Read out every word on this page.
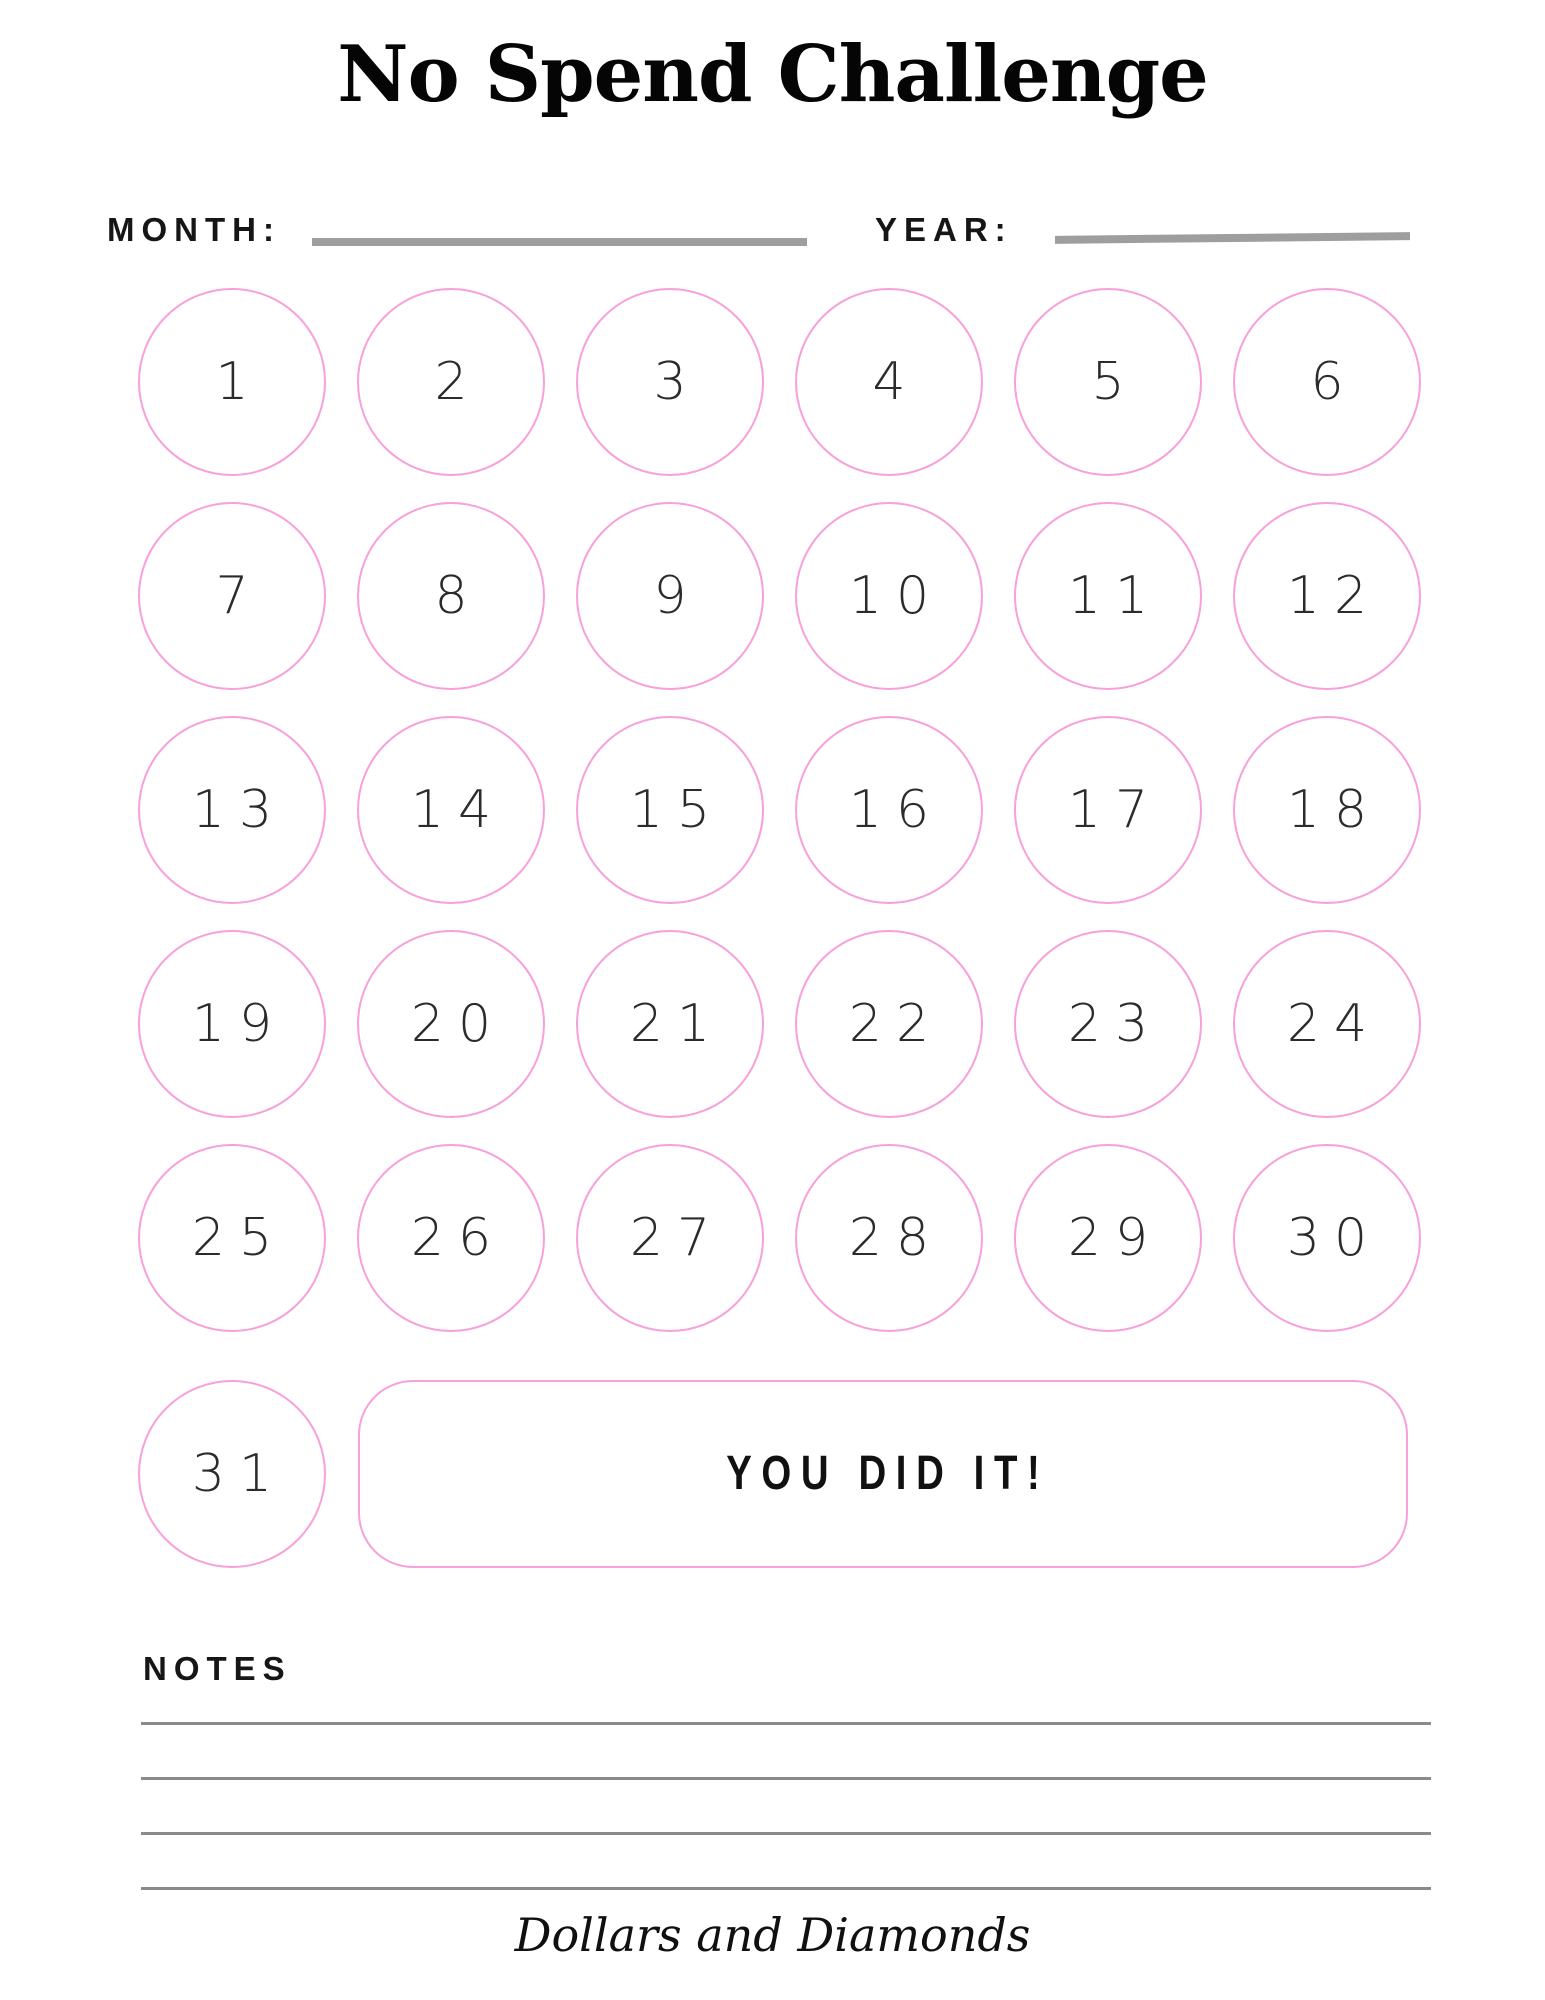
No Spend Challenge
MONTH:	YEAR:
1	2	3	4	5	6
7	8	9	10 11 12
13 14 15 16 17 18
19 20 21 22 23 24
25 26 27 28 29 30
31	YOU DID IT!
NOTES
Dollars and Diamonds
